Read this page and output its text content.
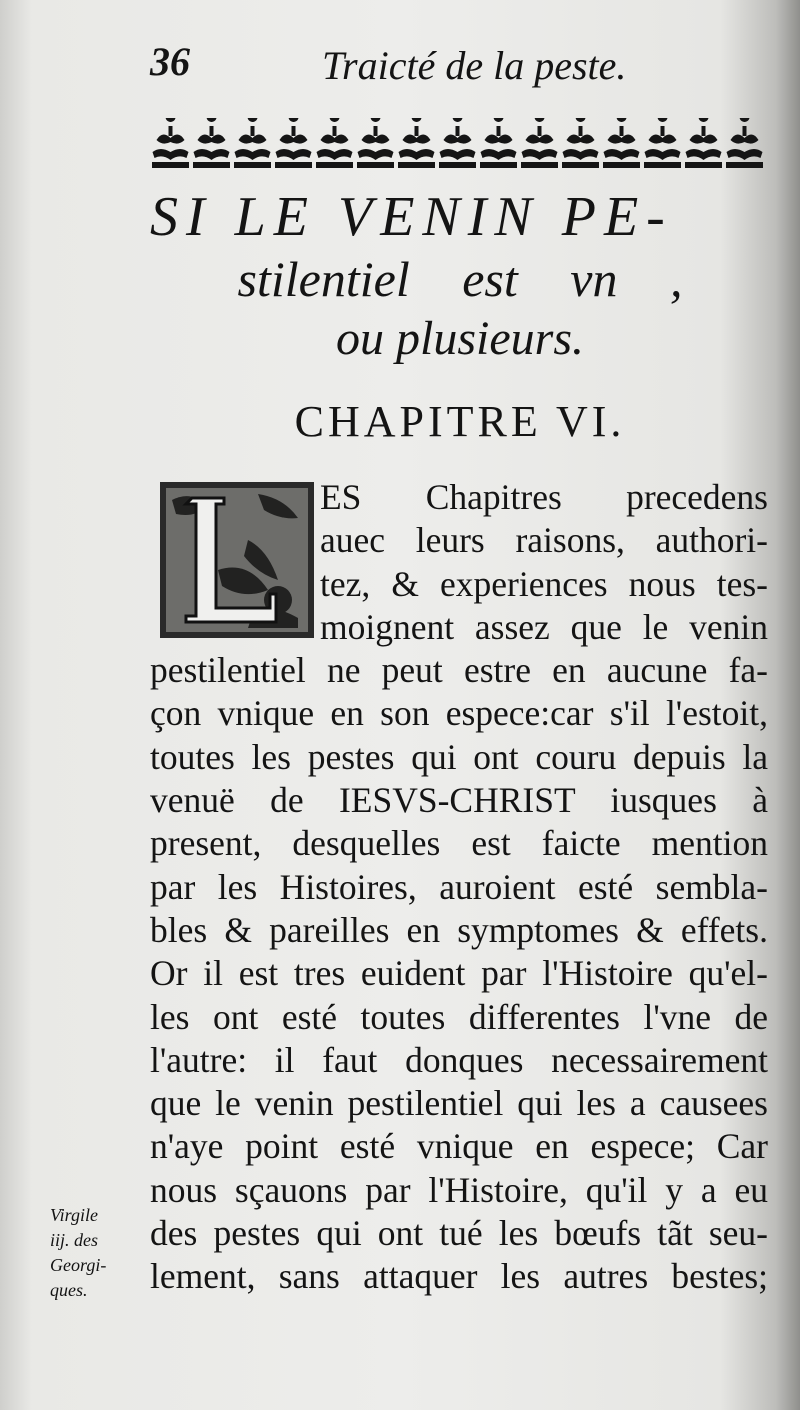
36	Traicté de la peste.
SI LE VENIN PE-
stilentiel est vn ,
ou plusieurs.
CHAPITRE VI.
ES Chapitres precedens
auec leurs raisons, authori-
tez, & experiences nous tes-
moignent assez que le venin
pestilentiel ne peut estre en aucune fa-
çon vnique en son espece:car s'il l'estoit,
toutes les pestes qui ont couru depuis la
venuë de IESVS-CHRIST iusques à
present, desquelles est faicte mention
par les Histoires, auroient esté sembla-
bles & pareilles en symptomes & effets.
Or il est tres euident par l'Histoire qu'el-
les ont esté toutes differentes l'vne de
l'autre: il faut donques necessairement
que le venin pestilentiel qui les a causees
n'aye point esté vnique en espece; Car
nous sçauons par l'Histoire, qu'il y a eu
des pestes qui ont tué les bœufs tãt seu-
lement, sans attaquer les autres bestes;
Virgile
iij. des
Georgi-
ques.
